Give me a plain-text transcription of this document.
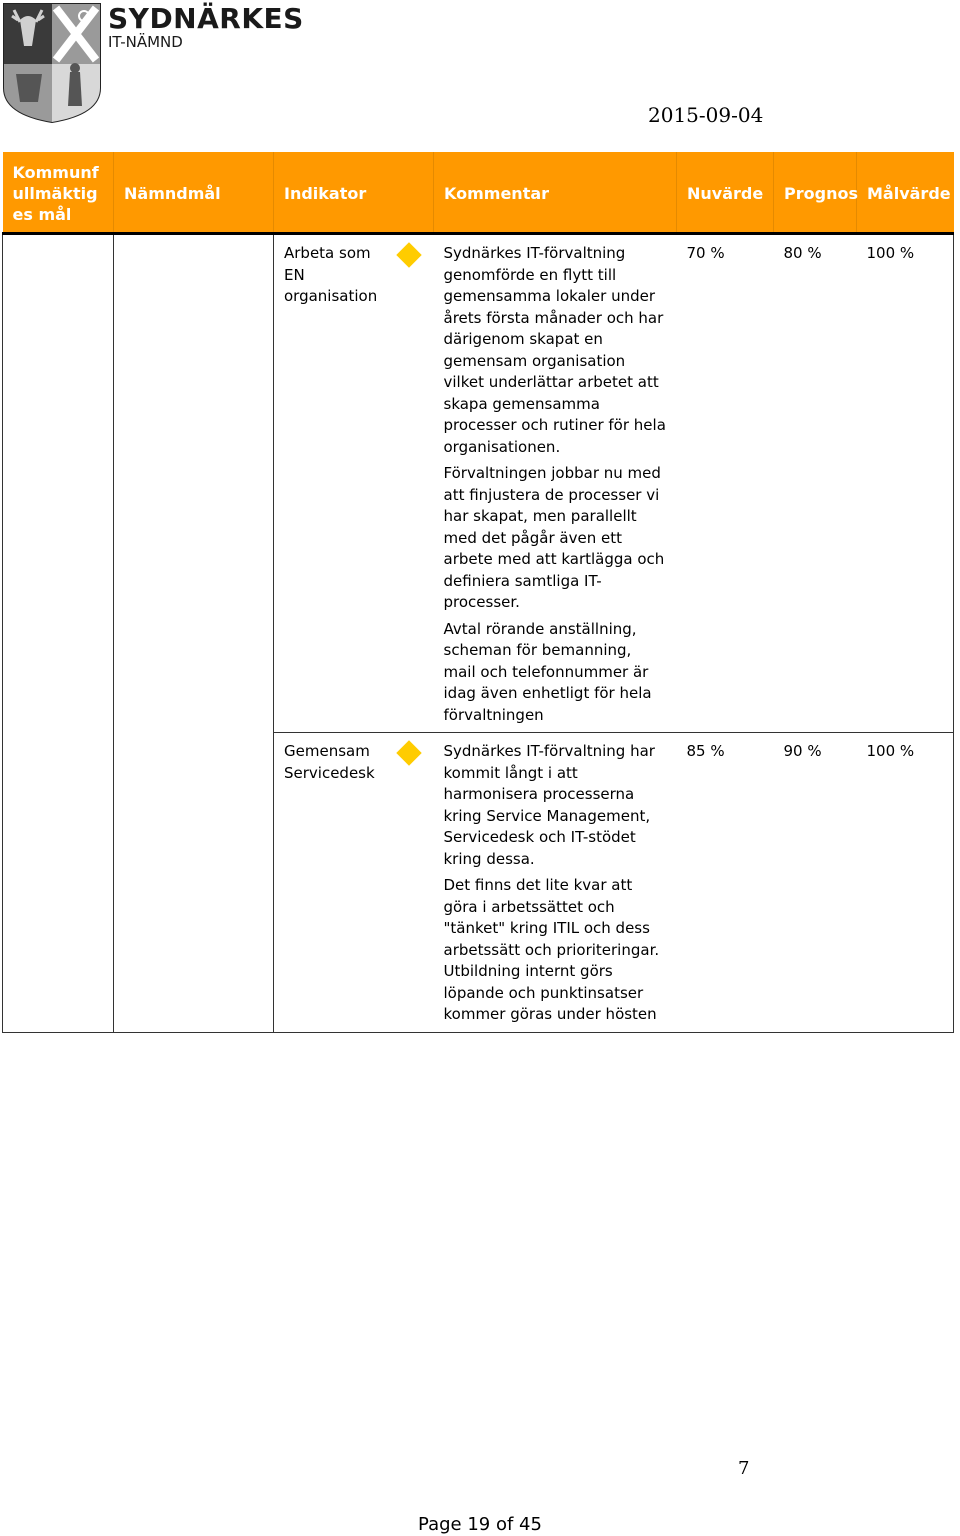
SYDNÄRKES
IT-NÄMND
2015-09-04
Kommunfullmäktiges mål	Nämndmål	Indikator	Kommentar	Nuvärde	Prognos	Målvärde

		Arbeta som EN organisation	Sydnärkes IT-förvaltning genomförde en flytt till gemensamma lokaler under årets första månader och har därigenom skapat en gemensam organisation vilket underlättar arbetet att skapa gemensamma processer och rutiner för hela organisationen.

Förvaltningen jobbar nu med att finjustera de processer vi har skapat, men parallellt med det pågår även ett arbete med att kartlägga och definiera samtliga IT-processer.

Avtal rörande anställning, scheman för bemanning, mail och telefonnummer är idag även enhetligt för hela förvaltningen	70 %	80 %	100 %

		Gemensam Servicedesk	Sydnärkes IT-förvaltning har kommit långt i att harmonisera processerna kring Service Management, Servicedesk och IT-stödet kring dessa.

Det finns det lite kvar att göra i arbetssättet och "tänket" kring ITIL och dess arbetssätt och prioriteringar. Utbildning internt görs löpande och punktinsatser kommer göras under hösten	85 %	90 %	100 %
7
Page 19 of 45
